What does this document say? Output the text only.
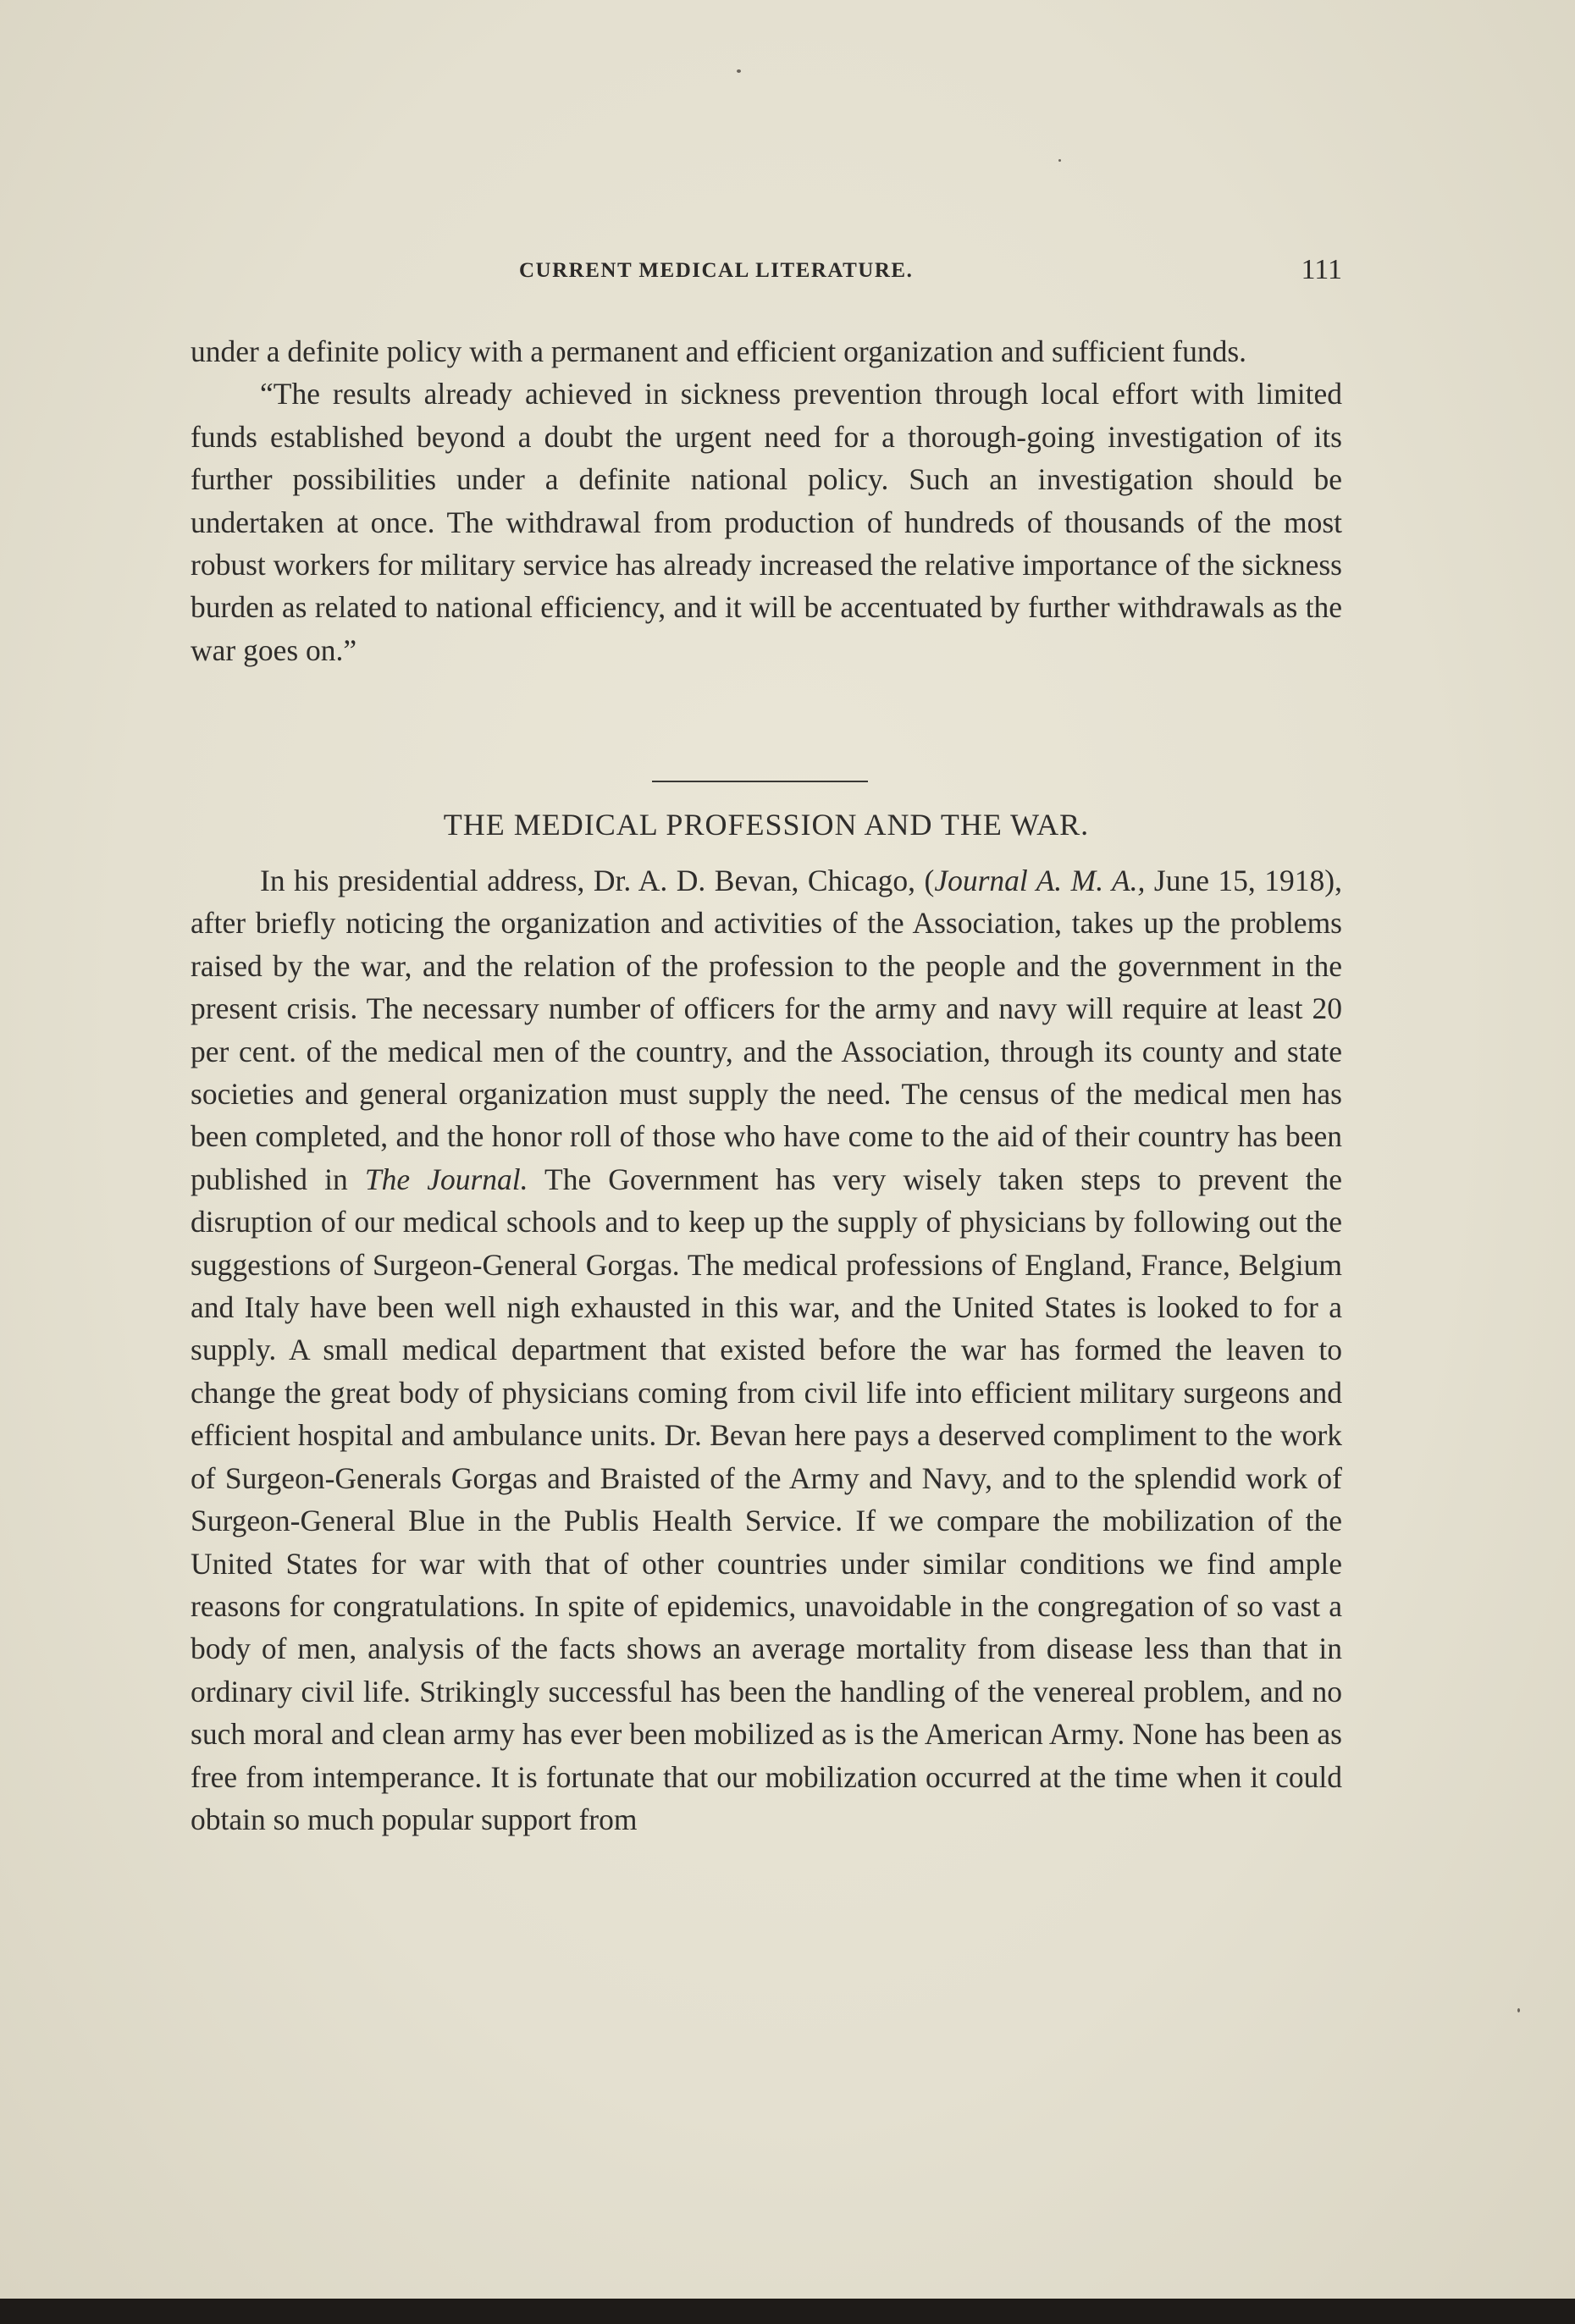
CURRENT MEDICAL LITERATURE.	111

under a definite policy with a permanent and efficient organization and sufficient funds.

“The results already achieved in sickness prevention through local effort with limited funds established beyond a doubt the urgent need for a thorough-going investigation of its further possibilities under a definite national policy. Such an investigation should be undertaken at once. The withdrawal from production of hundreds of thousands of the most robust workers for military service has already increased the relative importance of the sickness burden as related to national efficiency, and it will be accentuated by further withdrawals as the war goes on.”

THE MEDICAL PROFESSION AND THE WAR.

In his presidential address, Dr. A. D. Bevan, Chicago, (Journal A. M. A., June 15, 1918), after briefly noticing the organization and activities of the Association, takes up the problems raised by the war, and the relation of the profession to the people and the government in the present crisis. The necessary number of officers for the army and navy will require at least 20 per cent. of the medical men of the country, and the Association, through its county and state societies and general organization must supply the need. The census of the medical men has been completed, and the honor roll of those who have come to the aid of their country has been published in The Journal. The Government has very wisely taken steps to prevent the disruption of our medical schools and to keep up the supply of physicians by following out the suggestions of Surgeon-General Gorgas. The medical professions of England, France, Belgium and Italy have been well nigh exhausted in this war, and the United States is looked to for a supply. A small medical department that existed before the war has formed the leaven to change the great body of physicians coming from civil life into efficient military surgeons and efficient hospital and ambulance units. Dr. Bevan here pays a deserved compliment to the work of Surgeon-Generals Gorgas and Braisted of the Army and Navy, and to the splendid work of Surgeon-General Blue in the Publis Health Service. If we compare the mobilization of the United States for war with that of other countries under similar conditions we find ample reasons for congratulations. In spite of epidemics, unavoidable in the congregation of so vast a body of men, analysis of the facts shows an average mortality from disease less than that in ordinary civil life. Strikingly successful has been the handling of the venereal problem, and no such moral and clean army has ever been mobilized as is the American Army. None has been as free from intemperance. It is fortunate that our mobilization occurred at the time when it could obtain so much popular support from
